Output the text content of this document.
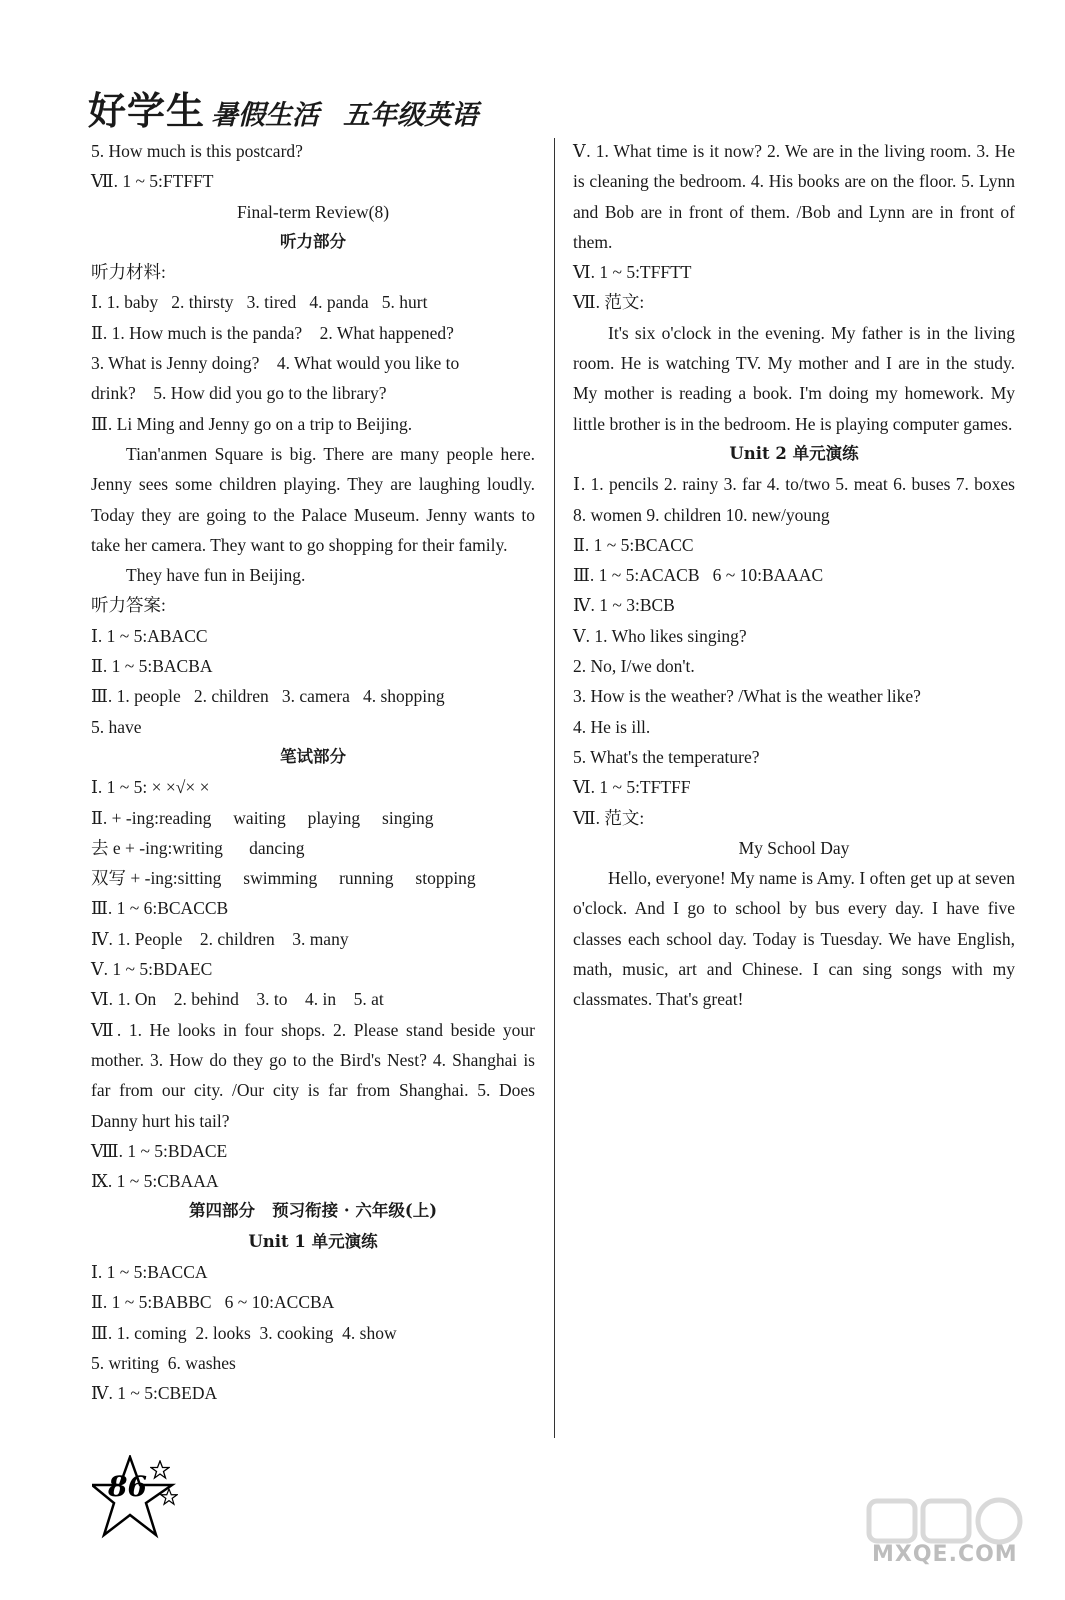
好学生 暑假生活 五年级英语
5. How much is this postcard?
Ⅶ. 1 ~ 5:FTFFT
Final-term Review(8)
听力部分
听力材料:
Ⅰ. 1. baby   2. thirsty   3. tired   4. panda   5. hurt
Ⅱ. 1. How much is the panda?    2. What happened?
3. What is Jenny doing?    4. What would you like to
drink?    5. How did you go to the library?
Ⅲ. Li Ming and Jenny go on a trip to Beijing.
Tian'anmen Square is big. There are many people here. Jenny sees some children playing. They are laughing loudly. Today they are going to the Palace Museum. Jenny wants to take her camera. They want to go shopping for their family.
They have fun in Beijing.
听力答案:
Ⅰ. 1 ~ 5:ABACC
Ⅱ. 1 ~ 5:BACBA
Ⅲ. 1. people   2. children   3. camera   4. shopping
5. have
笔试部分
Ⅰ. 1 ~ 5: × ×√× ×
Ⅱ. + -ing:reading     waiting     playing     singing
去 e + -ing:writing      dancing
双写 + -ing:sitting     swimming     running     stopping
Ⅲ. 1 ~ 6:BCACCB
Ⅳ. 1. People    2. children    3. many
Ⅴ. 1 ~ 5:BDAEC
Ⅵ. 1. On    2. behind    3. to    4. in    5. at
Ⅶ. 1. He looks in four shops. 2. Please stand beside your mother. 3. How do they go to the Bird's Nest? 4. Shanghai is far from our city. /Our city is far from Shanghai. 5. Does Danny hurt his tail?
Ⅷ. 1 ~ 5:BDACE
Ⅸ. 1 ~ 5:CBAAA
第四部分   预习衔接 · 六年级(上)
Unit 1 单元演练
Ⅰ. 1 ~ 5:BACCA
Ⅱ. 1 ~ 5:BABBC   6 ~ 10:ACCBA
Ⅲ. 1. coming  2. looks  3. cooking  4. show
5. writing  6. washes
Ⅳ. 1 ~ 5:CBEDA
Ⅴ. 1. What time is it now? 2. We are in the living room. 3. He is cleaning the bedroom. 4. His books are on the floor. 5. Lynn and Bob are in front of them. /Bob and Lynn are in front of them.
Ⅵ. 1 ~ 5:TFFTT
Ⅶ. 范文:
It's six o'clock in the evening. My father is in the living room. He is watching TV. My mother and I are in the study. My mother is reading a book. I'm doing my homework. My little brother is in the bedroom. He is playing computer games.
Unit 2 单元演练
Ⅰ. 1. pencils 2. rainy 3. far 4. to/two 5. meat 6. buses 7. boxes 8. women 9. children 10. new/young
Ⅱ. 1 ~ 5:BCACC
Ⅲ. 1 ~ 5:ACACB   6 ~ 10:BAAAC
Ⅳ. 1 ~ 3:BCB
Ⅴ. 1. Who likes singing?
2. No, I/we don't.
3. How is the weather? /What is the weather like?
4. He is ill.
5. What's the temperature?
Ⅵ. 1 ~ 5:TFTFF
Ⅶ. 范文:
My School Day
Hello, everyone! My name is Amy. I often get up at seven o'clock. And I go to school by bus every day. I have five classes each school day. Today is Tuesday. We have English, math, music, art and Chinese. I can sing songs with my classmates. That's great!
86
MXQE.COM
